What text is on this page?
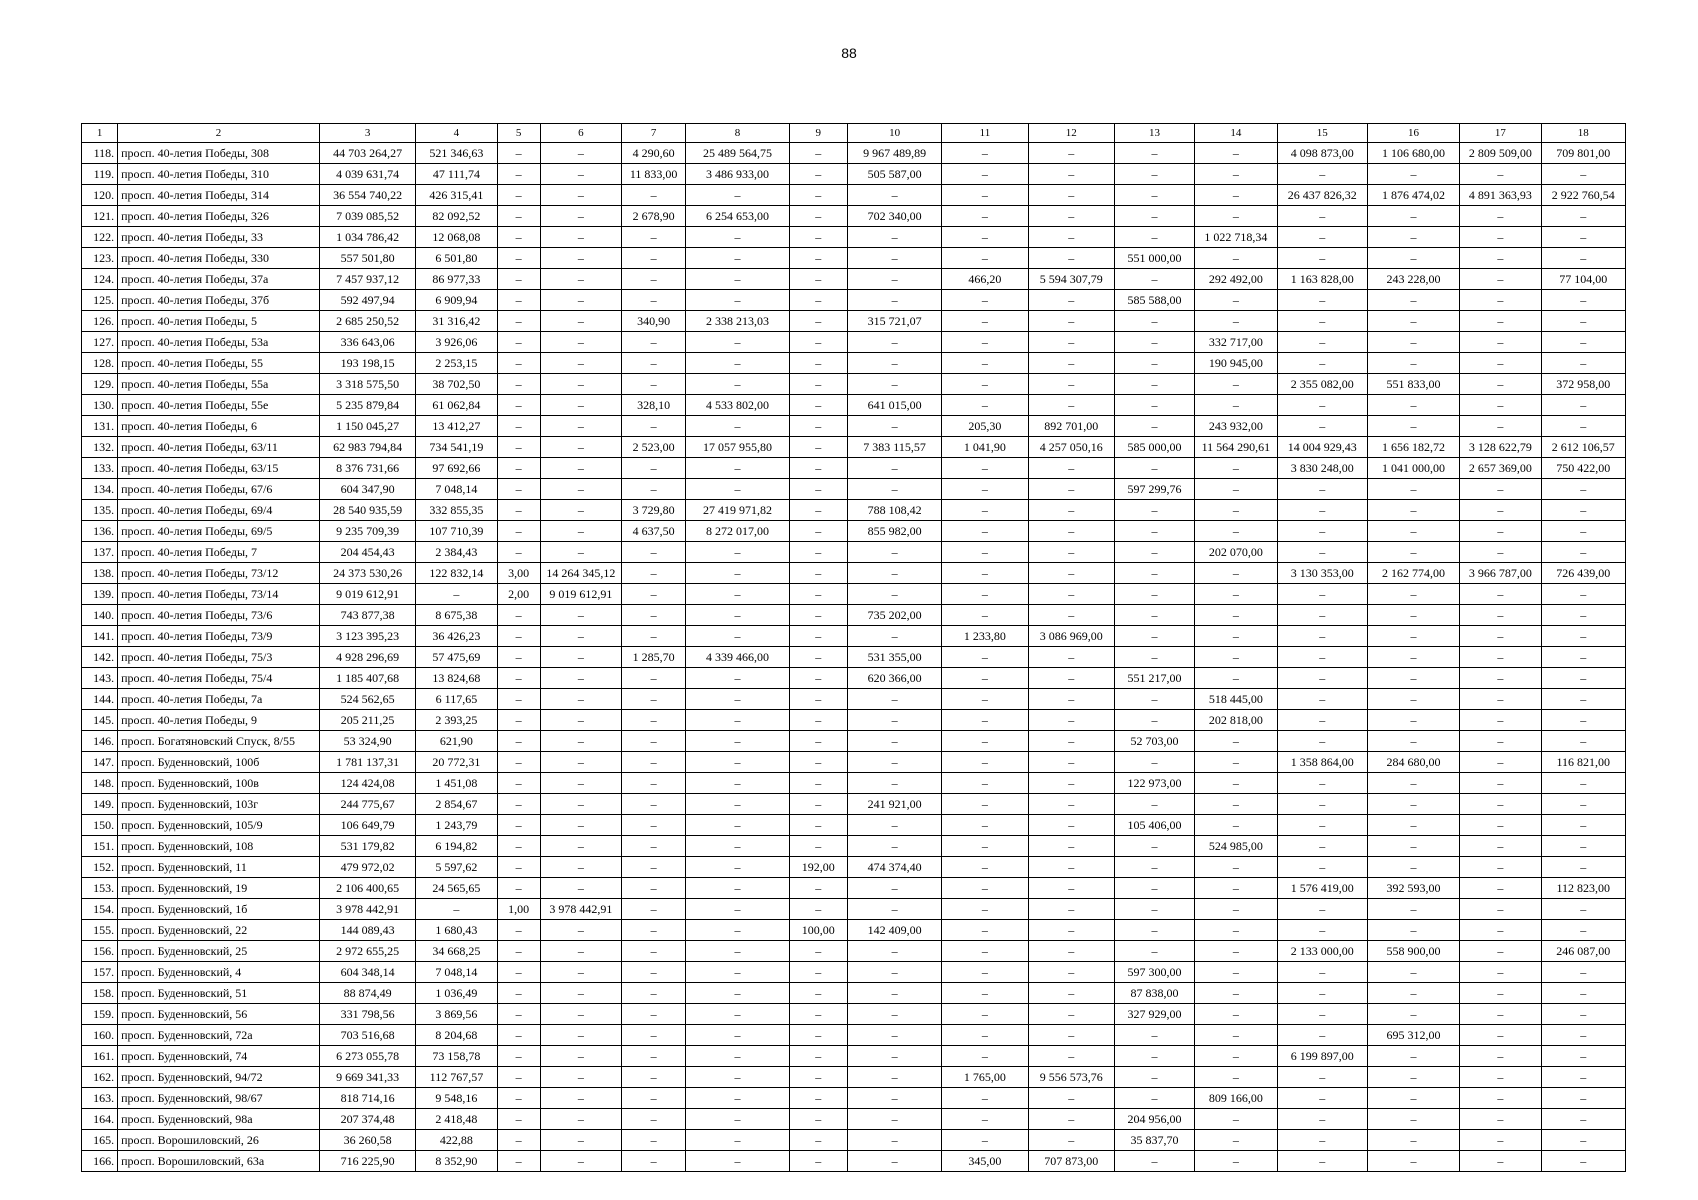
88
1	2	3	4	5	6	7	8	9	10	11	12	13	14	15	16	17	18
118.	просп. 40-летия Победы, 308	44 703 264,27	521 346,63	–	–	4 290,60	25 489 564,75	–	9 967 489,89	–	–	–	–	4 098 873,00	1 106 680,00	2 809 509,00	709 801,00
119.	просп. 40-летия Победы, 310	4 039 631,74	47 111,74	–	–	11 833,00	3 486 933,00	–	505 587,00	–	–	–	–	–	–	–	–
120.	просп. 40-летия Победы, 314	36 554 740,22	426 315,41	–	–	–	–	–	–	–	–	–	–	26 437 826,32	1 876 474,02	4 891 363,93	2 922 760,54
121.	просп. 40-летия Победы, 326	7 039 085,52	82 092,52	–	–	2 678,90	6 254 653,00	–	702 340,00	–	–	–	–	–	–	–	–
122.	просп. 40-летия Победы, 33	1 034 786,42	12 068,08	–	–	–	–	–	–	–	–	–	1 022 718,34	–	–	–	–
123.	просп. 40-летия Победы, 330	557 501,80	6 501,80	–	–	–	–	–	–	–	–	551 000,00	–	–	–	–	–
124.	просп. 40-летия Победы, 37а	7 457 937,12	86 977,33	–	–	–	–	–	–	466,20	5 594 307,79	–	292 492,00	1 163 828,00	243 228,00	–	77 104,00
125.	просп. 40-летия Победы, 37б	592 497,94	6 909,94	–	–	–	–	–	–	–	–	585 588,00	–	–	–	–	–
126.	просп. 40-летия Победы, 5	2 685 250,52	31 316,42	–	–	340,90	2 338 213,03	–	315 721,07	–	–	–	–	–	–	–	–
127.	просп. 40-летия Победы, 53а	336 643,06	3 926,06	–	–	–	–	–	–	–	–	–	332 717,00	–	–	–	–
128.	просп. 40-летия Победы, 55	193 198,15	2 253,15	–	–	–	–	–	–	–	–	–	190 945,00	–	–	–	–
129.	просп. 40-летия Победы, 55а	3 318 575,50	38 702,50	–	–	–	–	–	–	–	–	–	–	2 355 082,00	551 833,00	–	372 958,00
130.	просп. 40-летия Победы, 55е	5 235 879,84	61 062,84	–	–	328,10	4 533 802,00	–	641 015,00	–	–	–	–	–	–	–	–
131.	просп. 40-летия Победы, 6	1 150 045,27	13 412,27	–	–	–	–	–	–	205,30	892 701,00	–	243 932,00	–	–	–	–
132.	просп. 40-летия Победы, 63/11	62 983 794,84	734 541,19	–	–	2 523,00	17 057 955,80	–	7 383 115,57	1 041,90	4 257 050,16	585 000,00	11 564 290,61	14 004 929,43	1 656 182,72	3 128 622,79	2 612 106,57
133.	просп. 40-летия Победы, 63/15	8 376 731,66	97 692,66	–	–	–	–	–	–	–	–	–	–	3 830 248,00	1 041 000,00	2 657 369,00	750 422,00
134.	просп. 40-летия Победы, 67/6	604 347,90	7 048,14	–	–	–	–	–	–	–	–	597 299,76	–	–	–	–	–
135.	просп. 40-летия Победы, 69/4	28 540 935,59	332 855,35	–	–	3 729,80	27 419 971,82	–	788 108,42	–	–	–	–	–	–	–	–
136.	просп. 40-летия Победы, 69/5	9 235 709,39	107 710,39	–	–	4 637,50	8 272 017,00	–	855 982,00	–	–	–	–	–	–	–	–
137.	просп. 40-летия Победы, 7	204 454,43	2 384,43	–	–	–	–	–	–	–	–	–	202 070,00	–	–	–	–
138.	просп. 40-летия Победы, 73/12	24 373 530,26	122 832,14	3,00	14 264 345,12	–	–	–	–	–	–	–	–	3 130 353,00	2 162 774,00	3 966 787,00	726 439,00
139.	просп. 40-летия Победы, 73/14	9 019 612,91	–	2,00	9 019 612,91	–	–	–	–	–	–	–	–	–	–	–	–
140.	просп. 40-летия Победы, 73/6	743 877,38	8 675,38	–	–	–	–	–	735 202,00	–	–	–	–	–	–	–	–
141.	просп. 40-летия Победы, 73/9	3 123 395,23	36 426,23	–	–	–	–	–	–	1 233,80	3 086 969,00	–	–	–	–	–	–
142.	просп. 40-летия Победы, 75/3	4 928 296,69	57 475,69	–	–	1 285,70	4 339 466,00	–	531 355,00	–	–	–	–	–	–	–	–
143.	просп. 40-летия Победы, 75/4	1 185 407,68	13 824,68	–	–	–	–	–	620 366,00	–	–	551 217,00	–	–	–	–	–
144.	просп. 40-летия Победы, 7а	524 562,65	6 117,65	–	–	–	–	–	–	–	–	–	518 445,00	–	–	–	–
145.	просп. 40-летия Победы, 9	205 211,25	2 393,25	–	–	–	–	–	–	–	–	–	202 818,00	–	–	–	–
146.	просп. Богатяновский Спуск, 8/55	53 324,90	621,90	–	–	–	–	–	–	–	–	52 703,00	–	–	–	–	–
147.	просп. Буденновский, 100б	1 781 137,31	20 772,31	–	–	–	–	–	–	–	–	–	–	1 358 864,00	284 680,00	–	116 821,00
148.	просп. Буденновский, 100в	124 424,08	1 451,08	–	–	–	–	–	–	–	–	122 973,00	–	–	–	–	–
149.	просп. Буденновский, 103г	244 775,67	2 854,67	–	–	–	–	–	241 921,00	–	–	–	–	–	–	–	–
150.	просп. Буденновский, 105/9	106 649,79	1 243,79	–	–	–	–	–	–	–	–	105 406,00	–	–	–	–	–
151.	просп. Буденновский, 108	531 179,82	6 194,82	–	–	–	–	–	–	–	–	–	524 985,00	–	–	–	–
152.	просп. Буденновский, 11	479 972,02	5 597,62	–	–	–	–	192,00	474 374,40	–	–	–	–	–	–	–	–
153.	просп. Буденновский, 19	2 106 400,65	24 565,65	–	–	–	–	–	–	–	–	–	–	1 576 419,00	392 593,00	–	112 823,00
154.	просп. Буденновский, 1б	3 978 442,91	–	1,00	3 978 442,91	–	–	–	–	–	–	–	–	–	–	–	–
155.	просп. Буденновский, 22	144 089,43	1 680,43	–	–	–	–	100,00	142 409,00	–	–	–	–	–	–	–	–
156.	просп. Буденновский, 25	2 972 655,25	34 668,25	–	–	–	–	–	–	–	–	–	–	2 133 000,00	558 900,00	–	246 087,00
157.	просп. Буденновский, 4	604 348,14	7 048,14	–	–	–	–	–	–	–	–	597 300,00	–	–	–	–	–
158.	просп. Буденновский, 51	88 874,49	1 036,49	–	–	–	–	–	–	–	–	87 838,00	–	–	–	–	–
159.	просп. Буденновский, 56	331 798,56	3 869,56	–	–	–	–	–	–	–	–	327 929,00	–	–	–	–	–
160.	просп. Буденновский, 72а	703 516,68	8 204,68	–	–	–	–	–	–	–	–	–	–	–	695 312,00	–	–
161.	просп. Буденновский, 74	6 273 055,78	73 158,78	–	–	–	–	–	–	–	–	–	–	6 199 897,00	–	–	–
162.	просп. Буденновский, 94/72	9 669 341,33	112 767,57	–	–	–	–	–	–	1 765,00	9 556 573,76	–	–	–	–	–	–
163.	просп. Буденновский, 98/67	818 714,16	9 548,16	–	–	–	–	–	–	–	–	–	809 166,00	–	–	–	–
164.	просп. Буденновский, 98а	207 374,48	2 418,48	–	–	–	–	–	–	–	–	204 956,00	–	–	–	–	–
165.	просп. Ворошиловский, 26	36 260,58	422,88	–	–	–	–	–	–	–	–	35 837,70	–	–	–	–	–
166.	просп. Ворошиловский, 63а	716 225,90	8 352,90	–	–	–	–	–	–	345,00	707 873,00	–	–	–	–	–	–
